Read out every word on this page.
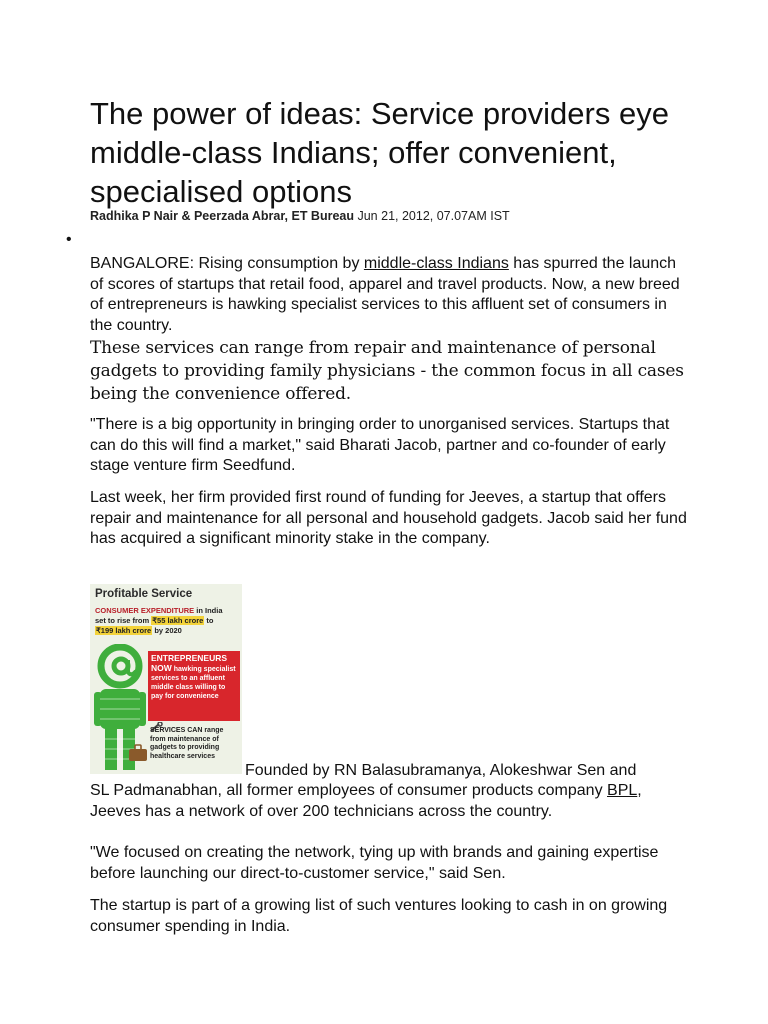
The power of ideas: Service providers eye middle-class Indians; offer convenient, specialised options
Radhika P Nair & Peerzada Abrar, ET Bureau Jun 21, 2012, 07.07AM IST
•

BANGALORE: Rising consumption by middle-class Indians has spurred the launch of scores of startups that retail food, apparel and travel products. Now, a new breed of entrepreneurs is hawking specialist services to this affluent set of consumers in the country.

These services can range from repair and maintenance of personal gadgets to providing family physicians - the common focus in all cases being the convenience offered.

"There is a big opportunity in bringing order to unorganised services. Startups that can do this will find a market," said Bharati Jacob, partner and co-founder of early stage venture firm Seedfund.

Last week, her firm provided first round of funding for Jeeves, a startup that offers repair and maintenance for all personal and household gadgets. Jacob said her fund has acquired a significant minority stake in the company.

Profitable Service
CONSUMER EXPENDITURE in India
set to rise from ₹55 lakh crore to
₹199 lakh crore by 2020
ENTREPRENEURS NOW hawking specialist services to an affluent middle class willing to pay for convenience
SERVICES CAN range from maintenance of gadgets to providing healthcare services
Founded by RN Balasubramanya, Alokeshwar Sen and

SL Padmanabhan, all former employees of consumer products company BPL, Jeeves has a network of over 200 technicians across the country.

"We focused on creating the network, tying up with brands and gaining expertise before launching our direct-to-customer service," said Sen.

The startup is part of a growing list of such ventures looking to cash in on growing consumer spending in India.
